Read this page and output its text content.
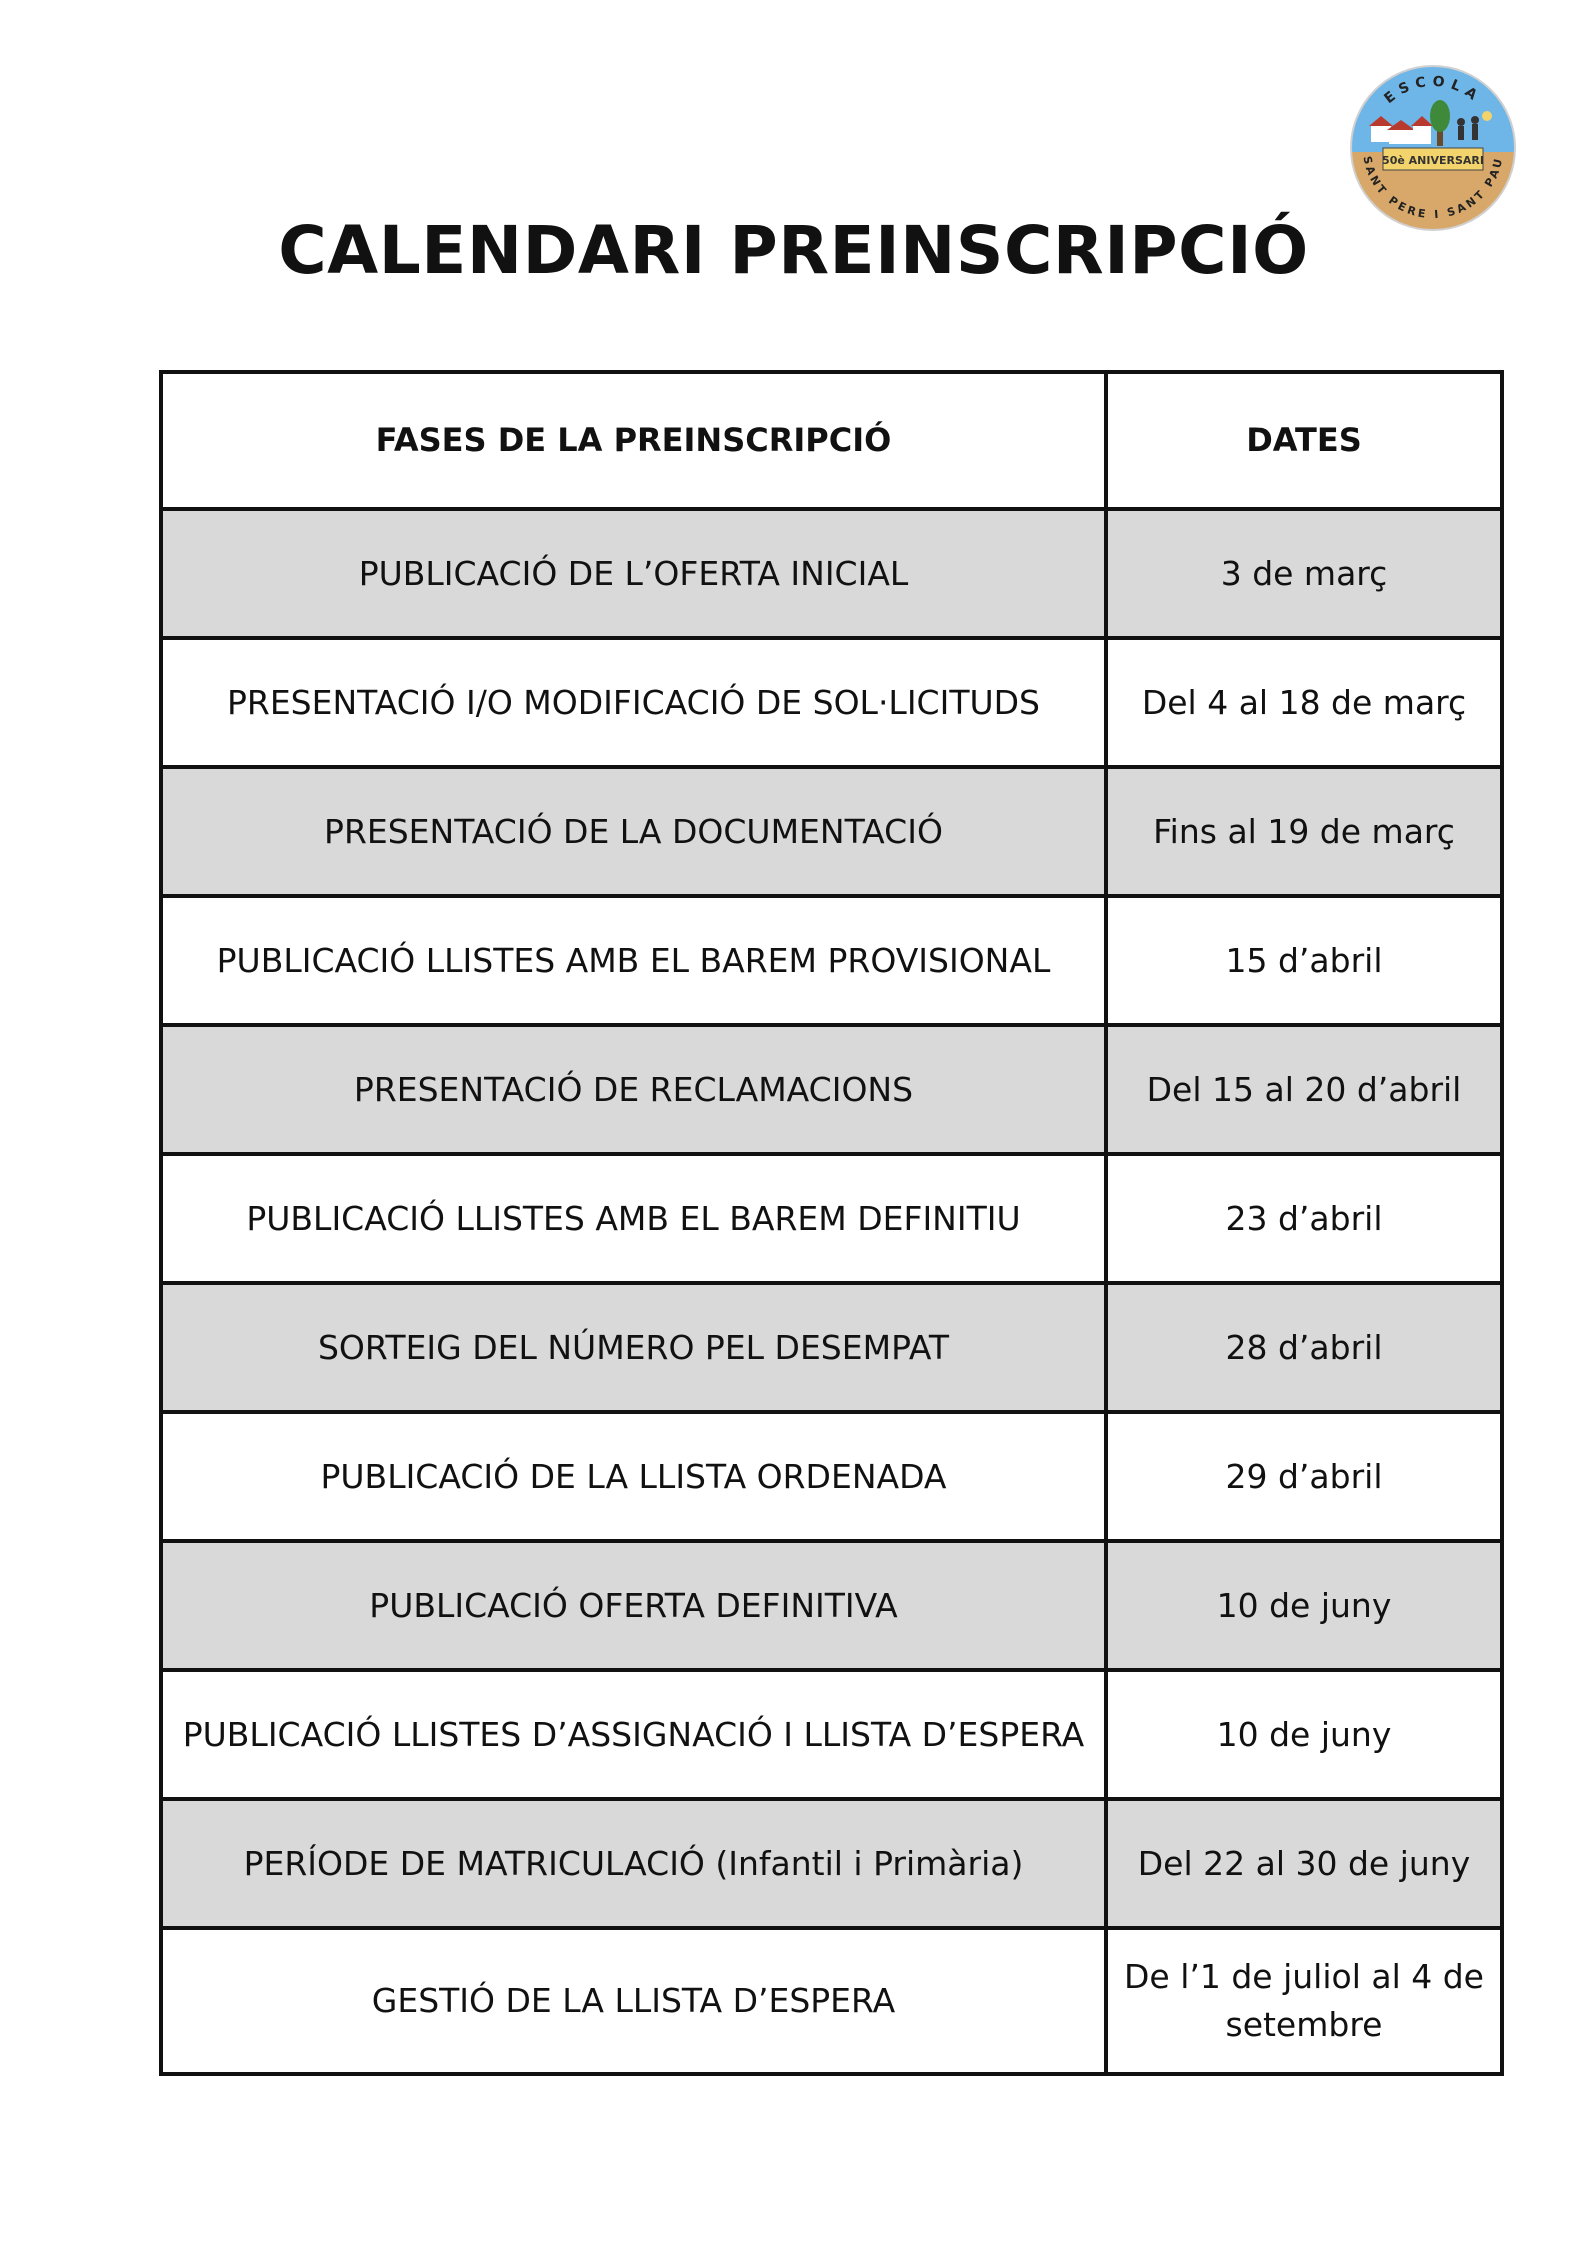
50è ANIVERSARI
ESCOLA
SANT PERE I SANT PAU
CALENDARI PREINSCRIPCIÓ
FASES DE LA PREINSCRIPCIÓ	DATES
PUBLICACIÓ DE L’OFERTA INICIAL	3 de març
PRESENTACIÓ I/O MODIFICACIÓ DE SOL·LICITUDS	Del 4 al 18 de març
PRESENTACIÓ DE LA DOCUMENTACIÓ	Fins al 19 de març
PUBLICACIÓ LLISTES AMB EL BAREM PROVISIONAL	15 d’abril
PRESENTACIÓ DE RECLAMACIONS	Del 15 al 20 d’abril
PUBLICACIÓ LLISTES AMB EL BAREM DEFINITIU	23 d’abril
SORTEIG DEL NÚMERO PEL DESEMPAT	28 d’abril
PUBLICACIÓ DE LA LLISTA ORDENADA	29 d’abril
PUBLICACIÓ OFERTA DEFINITIVA	10 de juny
PUBLICACIÓ LLISTES D’ASSIGNACIÓ I LLISTA D’ESPERA	10 de juny
PERÍODE DE MATRICULACIÓ (Infantil i Primària)	Del 22 al 30 de juny
GESTIÓ DE LA LLISTA D’ESPERA	De l’1 de juliol al 4 de setembre
